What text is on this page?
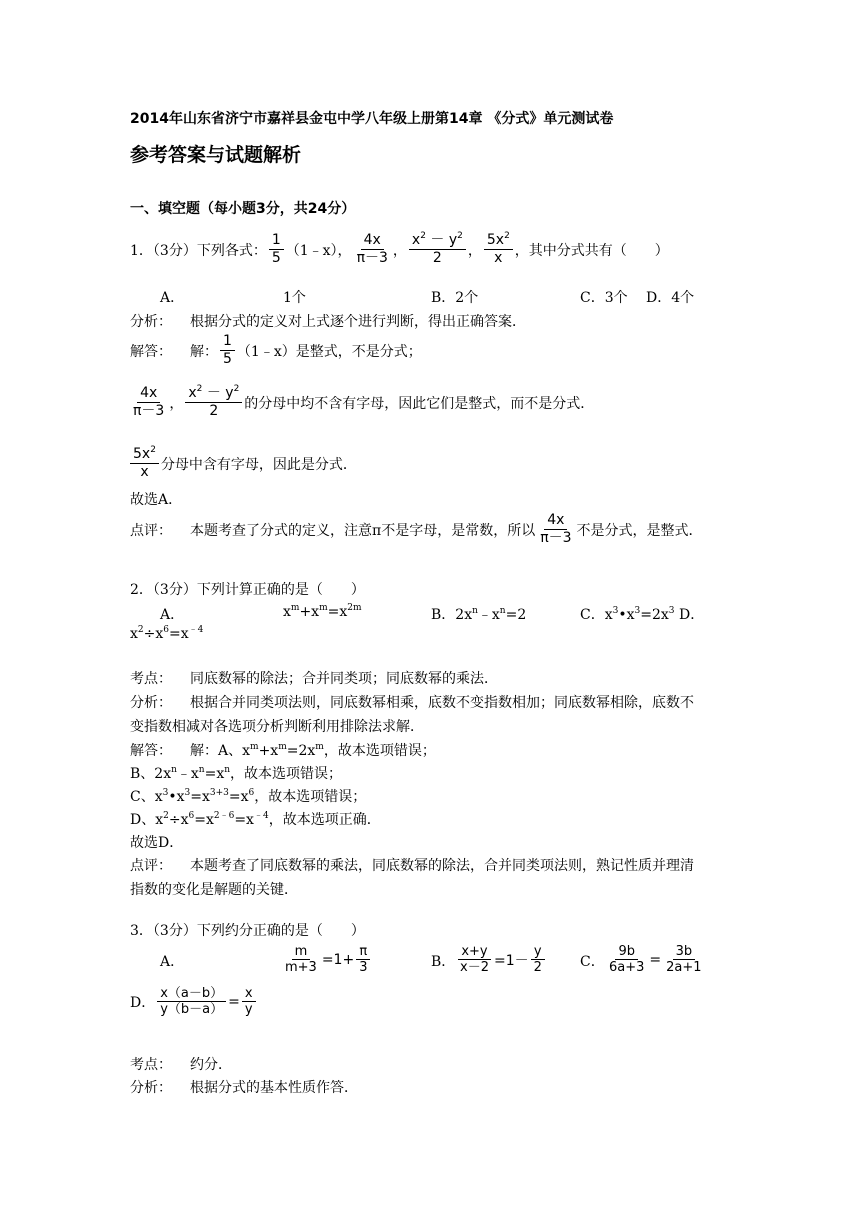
2014年山东省济宁市嘉祥县金屯中学八年级上册第14章 《分式》单元测试卷
参考答案与试题解析
一、填空题（每小题3分，共24分）
1．（3分）下列各式： $\frac{1}{5}$ （1﹣x）， $\frac{4x}{\pi-3}$ ， $\frac{x^2 - y^2}{2}$ ， $\frac{5x^2}{x}$ ，其中分式共有（　　）
A．	1个	B．2个	C．3个 D．4个
分析： 根据分式的定义对上式逐个进行判断，得出正确答案．
解答：	解： $\frac{1}{5}$ （1﹣x）是整式，不是分式；
$\frac{4x}{\pi-3}$ ， $\frac{x^2 - y^2}{2}$ 的分母中均不含有字母，因此它们是整式，而不是分式．
$\frac{5x^2}{x}$ 分母中含有字母，因此是分式．
故选A．
点评：	本题考查了分式的定义，注意π不是字母，是常数，所以 $\frac{4x}{\pi-3}$ 不是分式，是整式．
2．（3分）下列计算正确的是（　　）
A．	$x^m+x^m=x^{2m}$	B．$2x^n﹣x^n=2$	C．$x^3•x^3=2x^3$ D．
$x^2\div x^6=x^{﹣4}$
考点： 同底数幂的除法；合并同类项；同底数幂的乘法．
分析： 根据合并同类项法则，同底数幂相乘，底数不变指数相加；同底数幂相除，底数不
变指数相减对各选项分析判断利用排除法求解．
解答： 解：A、$x^m+x^m=2x^m$，故本选项错误；
B、$2x^n﹣x^n=x^n$，故本选项错误；
C、$x^3•x^3=x^{3+3}=x^6$，故本选项错误；
D、$x^2\div x^6=x^{2﹣6}=x^{﹣4}$，故本选项正确．
故选D．
点评： 本题考查了同底数幂的乘法，同底数幂的除法，合并同类项法则，熟记性质并理清
指数的变化是解题的关键．
3．（3分）下列约分正确的是（　　）
A．	$\frac{m}{m+3} =1+ \frac{\pi}{3}$	B． $\frac{x+y}{x-2} =1- \frac{y}{2}$	C． $\frac{9b}{6a+3} = \frac{3b}{2a+1}$
D． $\frac{x(a-b)}{y(b-a)} = \frac{x}{y}$
考点： 约分．
分析： 根据分式的基本性质作答．
